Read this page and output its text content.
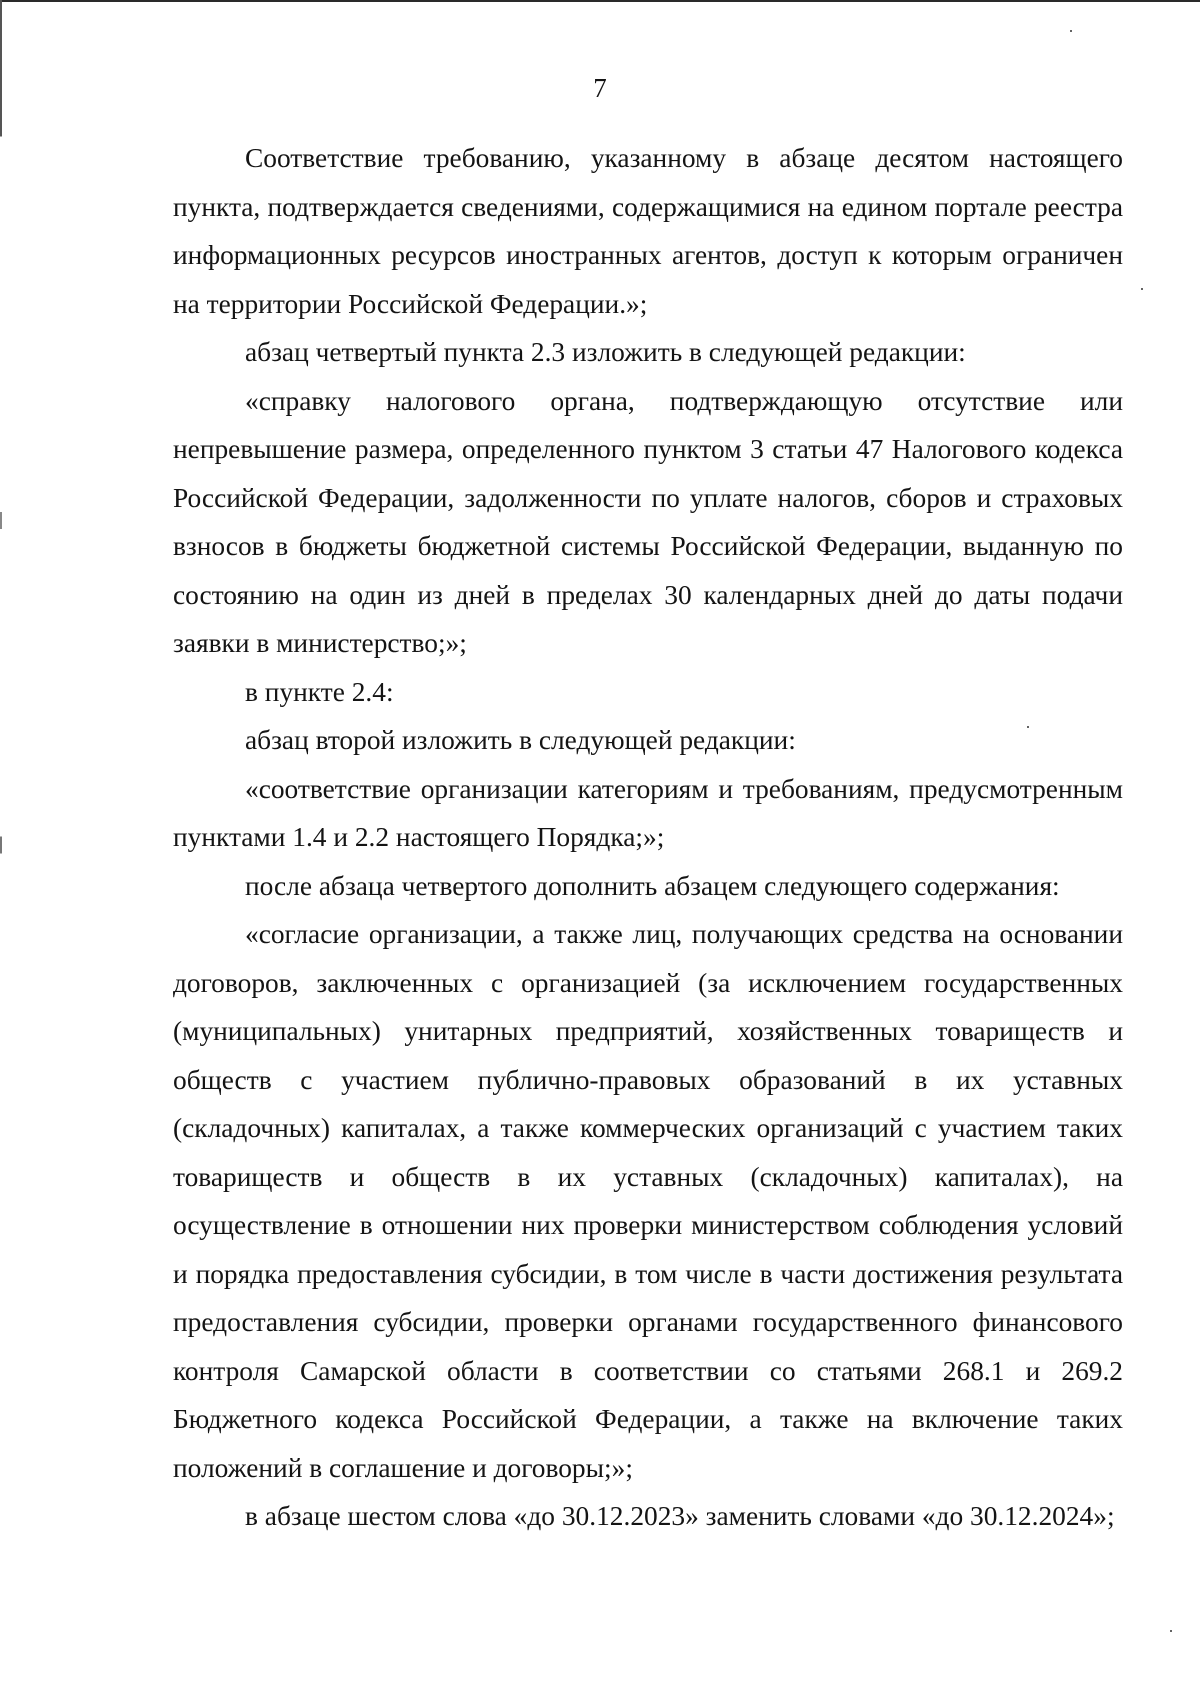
7

Соответствие требованию, указанному в абзаце десятом настоящего пункта, подтверждается сведениями, содержащимися на едином портале реестра информационных ресурсов иностранных агентов, доступ к которым ограничен на территории Российской Федерации.»;

абзац четвертый пункта 2.3 изложить в следующей редакции:

«справку налогового органа, подтверждающую отсутствие или непревышение размера, определенного пунктом 3 статьи 47 Налогового кодекса Российской Федерации, задолженности по уплате налогов, сборов и страховых взносов в бюджеты бюджетной системы Российской Федерации, выданную по состоянию на один из дней в пределах 30 календарных дней до даты подачи заявки в министерство;»;

в пункте 2.4:

абзац второй изложить в следующей редакции:

«соответствие организации категориям и требованиям, предусмотренным пунктами 1.4 и 2.2 настоящего Порядка;»;

после абзаца четвертого дополнить абзацем следующего содержания:

«согласие организации, а также лиц, получающих средства на основании договоров, заключенных с организацией (за исключением государственных (муниципальных) унитарных предприятий, хозяйственных товариществ и обществ с участием публично-правовых образований в их уставных (складочных) капиталах, а также коммерческих организаций с участием таких товариществ и обществ в их уставных (складочных) капиталах), на осуществление в отношении них проверки министерством соблюдения условий и порядка предоставления субсидии, в том числе в части достижения результата предоставления субсидии, проверки органами государственного финансового контроля Самарской области в соответствии со статьями 268.1 и 269.2 Бюджетного кодекса Российской Федерации, а также на включение таких положений в соглашение и договоры;»;

в абзаце шестом слова «до 30.12.2023» заменить словами «до 30.12.2024»;
